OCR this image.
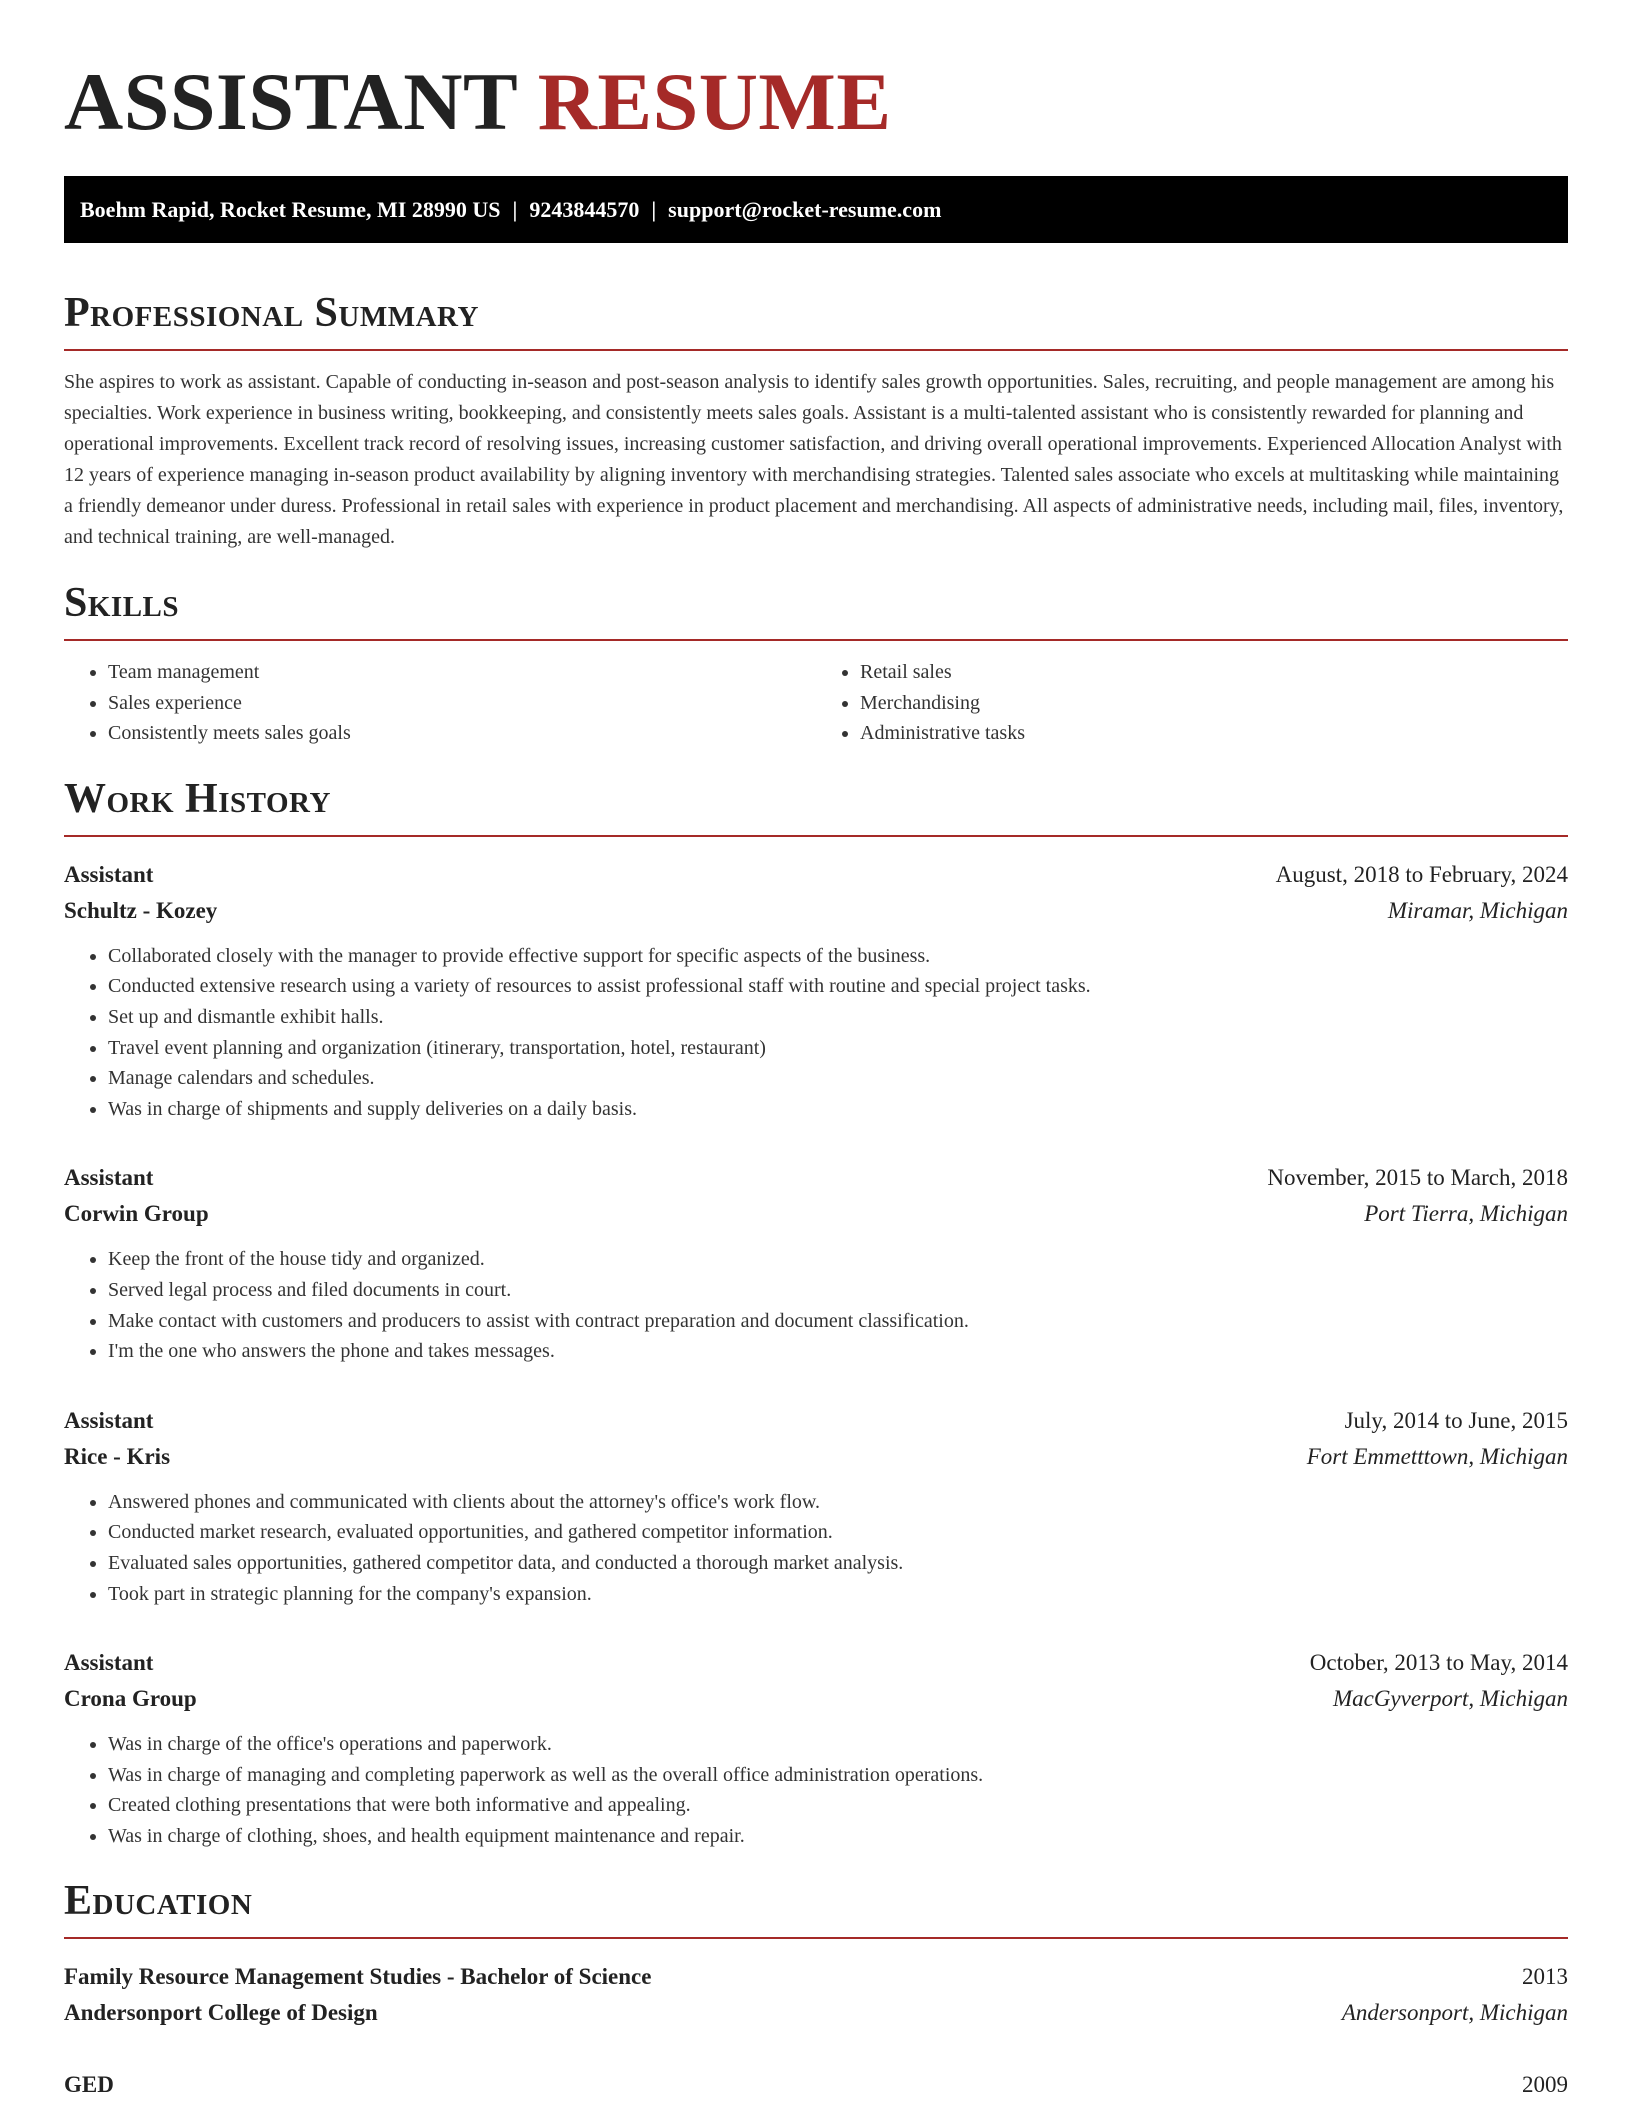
ASSISTANT RESUME
Boehm Rapid, Rocket Resume, MI 28990 US | 9243844570 | support@rocket-resume.com
Professional Summary

She aspires to work as assistant. Capable of conducting in-season and post-season analysis to identify sales growth opportunities. Sales, recruiting, and people management are among his specialties. Work experience in business writing, bookkeeping, and consistently meets sales goals. Assistant is a multi-talented assistant who is consistently rewarded for planning and operational improvements. Excellent track record of resolving issues, increasing customer satisfaction, and driving overall operational improvements. Experienced Allocation Analyst with 12 years of experience managing in-season product availability by aligning inventory with merchandising strategies. Talented sales associate who excels at multitasking while maintaining a friendly demeanor under duress. Professional in retail sales with experience in product placement and merchandising. All aspects of administrative needs, including mail, files, inventory, and technical training, are well-managed.

Skills
• Team management
• Sales experience
• Consistently meets sales goals
• Retail sales
• Merchandising
• Administrative tasks
Work History
Assistant	August, 2018 to February, 2024
Schultz - Kozey	Miramar, Michigan
• Collaborated closely with the manager to provide effective support for specific aspects of the business.
• Conducted extensive research using a variety of resources to assist professional staff with routine and special project tasks.
• Set up and dismantle exhibit halls.
• Travel event planning and organization (itinerary, transportation, hotel, restaurant)
• Manage calendars and schedules.
• Was in charge of shipments and supply deliveries on a daily basis.
Assistant	November, 2015 to March, 2018
Corwin Group	Port Tierra, Michigan
• Keep the front of the house tidy and organized.
• Served legal process and filed documents in court.
• Make contact with customers and producers to assist with contract preparation and document classification.
• I'm the one who answers the phone and takes messages.
Assistant	July, 2014 to June, 2015
Rice - Kris	Fort Emmetttown, Michigan
• Answered phones and communicated with clients about the attorney's office's work flow.
• Conducted market research, evaluated opportunities, and gathered competitor information.
• Evaluated sales opportunities, gathered competitor data, and conducted a thorough market analysis.
• Took part in strategic planning for the company's expansion.
Assistant	October, 2013 to May, 2014
Crona Group	MacGyverport, Michigan
• Was in charge of the office's operations and paperwork.
• Was in charge of managing and completing paperwork as well as the overall office administration operations.
• Created clothing presentations that were both informative and appealing.
• Was in charge of clothing, shoes, and health equipment maintenance and repair.
Education
Family Resource Management Studies - Bachelor of Science	2013
Andersonport College of Design	Andersonport, Michigan
GED	2009
